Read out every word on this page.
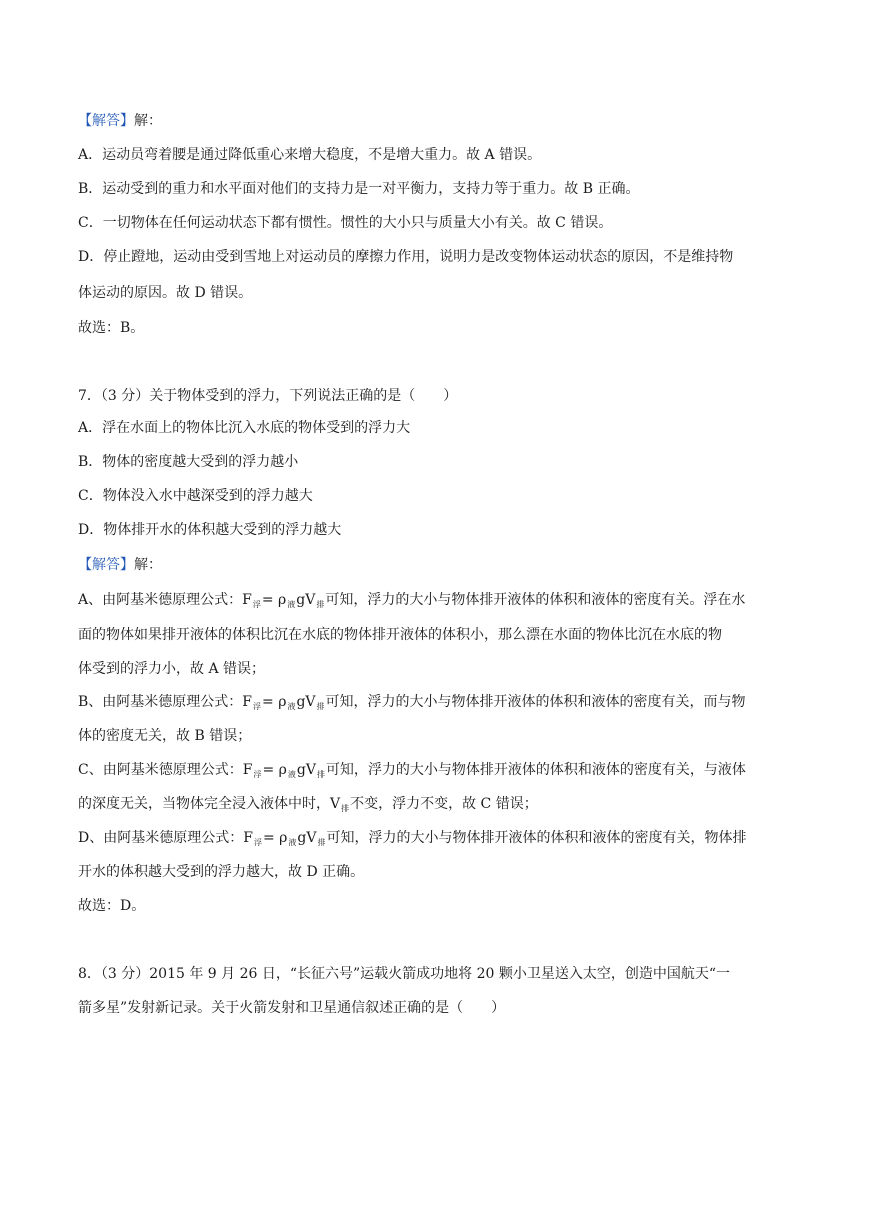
【解答】解：
A．运动员弯着腰是通过降低重心来增大稳度，不是增大重力。故 A 错误。
B．运动受到的重力和水平面对他们的支持力是一对平衡力，支持力等于重力。故 B 正确。
C．一切物体在任何运动状态下都有惯性。惯性的大小只与质量大小有关。故 C 错误。
D．停止蹬地，运动由受到雪地上对运动员的摩擦力作用，说明力是改变物体运动状态的原因，不是维持物
体运动的原因。故 D 错误。
故选：B。
7．（3 分）关于物体受到的浮力，下列说法正确的是（　　）
A．浮在水面上的物体比沉入水底的物体受到的浮力大
B．物体的密度越大受到的浮力越小
C．物体没入水中越深受到的浮力越大
D．物体排开水的体积越大受到的浮力越大
【解答】解：
A、由阿基米德原理公式：$F_浮= \rho_液gV_排$可知，浮力的大小与物体排开液体的体积和液体的密度有关。浮在水
面的物体如果排开液体的体积比沉在水底的物体排开液体的体积小，那么漂在水面的物体比沉在水底的物
体受到的浮力小，故 A 错误；
B、由阿基米德原理公式：$F_浮= \rho_液gV_排$可知，浮力的大小与物体排开液体的体积和液体的密度有关，而与物
体的密度无关，故 B 错误；
C、由阿基米德原理公式：$F_浮= \rho_液gV_排$可知，浮力的大小与物体排开液体的体积和液体的密度有关，与液体
的深度无关，当物体完全浸入液体中时，$V_排$不变，浮力不变，故 C 错误；
D、由阿基米德原理公式：$F_浮= \rho_液gV_排$可知，浮力的大小与物体排开液体的体积和液体的密度有关，物体排
开水的体积越大受到的浮力越大，故 D 正确。
故选：D。
8．（3 分）2015 年 9 月 26 日，“长征六号”运载火箭成功地将 20 颗小卫星送入太空，创造中国航天“一
箭多星”发射新记录。关于火箭发射和卫星通信叙述正确的是（　　）
